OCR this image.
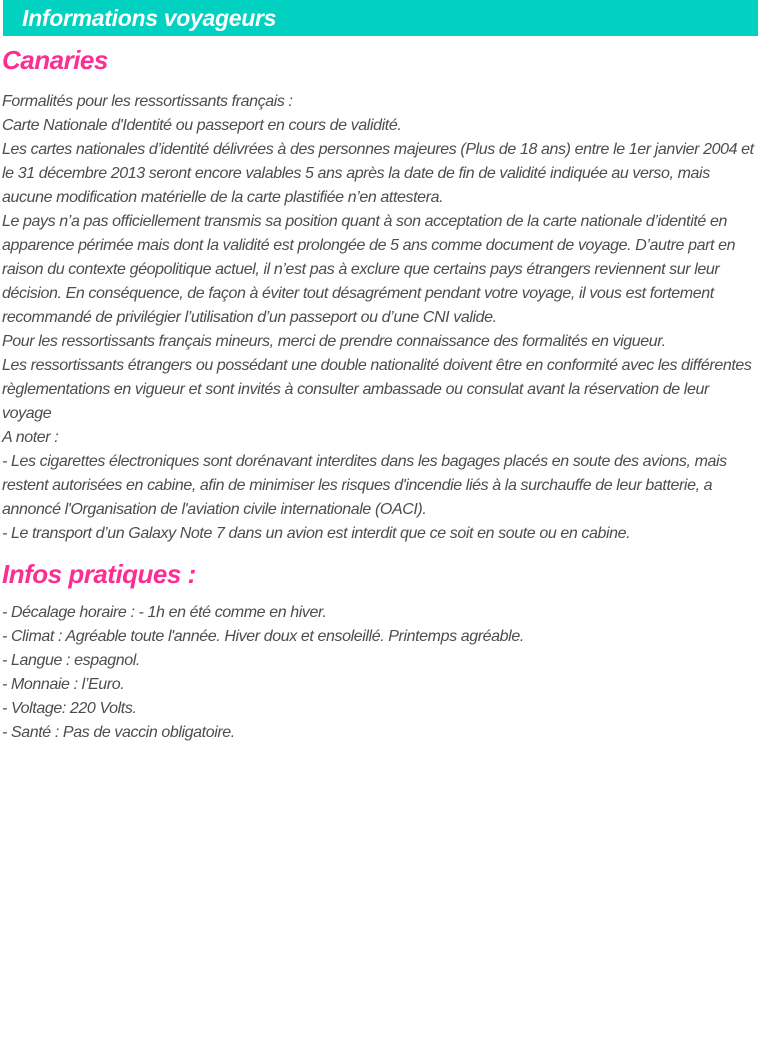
Informations voyageurs
Canaries

Formalités pour les ressortissants français :

Carte Nationale d'Identité ou passeport en cours de validité.

Les cartes nationales d’identité délivrées à des personnes majeures (Plus de 18 ans) entre le 1er janvier 2004 et le 31 décembre 2013 seront encore valables 5 ans après la date de fin de validité indiquée au verso, mais aucune modification matérielle de la carte plastifiée n’en attestera.

Le pays n’a pas officiellement transmis sa position quant à son acceptation de la carte nationale d’identité en apparence périmée mais dont la validité est prolongée de 5 ans comme document de voyage. D’autre part en raison du contexte géopolitique actuel, il n’est pas à exclure que certains pays étrangers reviennent sur leur décision. En conséquence, de façon à éviter tout désagrément pendant votre voyage, il vous est fortement recommandé de privilégier l’utilisation d’un passeport ou d’une CNI valide.

Pour les ressortissants français mineurs, merci de prendre connaissance des formalités en vigueur.

Les ressortissants étrangers ou possédant une double nationalité doivent être en conformité avec les différentes règlementations en vigueur et sont invités à consulter ambassade ou consulat avant la réservation de leur voyage

A noter :

- Les cigarettes électroniques sont dorénavant interdites dans les bagages placés en soute des avions, mais restent autorisées en cabine, afin de minimiser les risques d'incendie liés à la surchauffe de leur batterie, a annoncé l'Organisation de l'aviation civile internationale (OACI).

- Le transport d’un Galaxy Note 7 dans un avion est interdit que ce soit en soute ou en cabine.

Infos pratiques :

- Décalage horaire : - 1h en été comme en hiver.

- Climat : Agréable toute l'année. Hiver doux et ensoleillé. Printemps agréable.

- Langue : espagnol.

- Monnaie : l’Euro.

- Voltage: 220 Volts.

- Santé : Pas de vaccin obligatoire.
